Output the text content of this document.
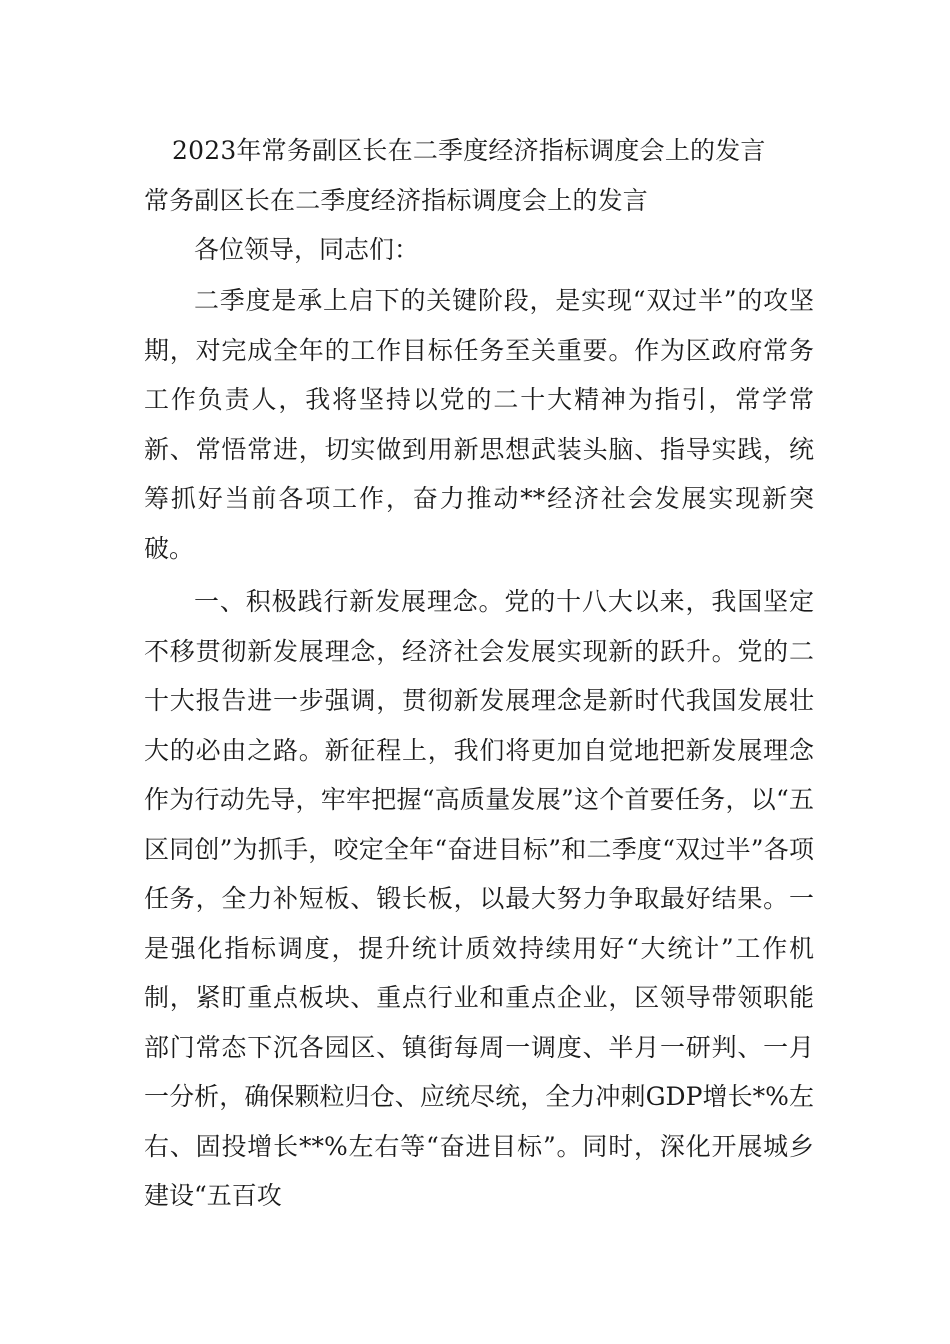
2023年常务副区长在二季度经济指标调度会上的发言
常务副区长在二季度经济指标调度会上的发言

各位领导，同志们：

二季度是承上启下的关键阶段，是实现“双过半”的攻坚期，对完成全年的工作目标任务至关重要。作为区政府常务工作负责人，我将坚持以党的二十大精神为指引，常学常新、常悟常进，切实做到用新思想武装头脑、指导实践，统筹抓好当前各项工作，奋力推动**经济社会发展实现新突破。

一、积极践行新发展理念。党的十八大以来，我国坚定不移贯彻新发展理念，经济社会发展实现新的跃升。党的二十大报告进一步强调，贯彻新发展理念是新时代我国发展壮大的必由之路。新征程上，我们将更加自觉地把新发展理念作为行动先导，牢牢把握“高质量发展”这个首要任务，以“五区同创”为抓手，咬定全年“奋进目标”和二季度“双过半”各项任务，全力补短板、锻长板，以最大努力争取最好结果。一是强化指标调度，提升统计质效持续用好“大统计”工作机制，紧盯重点板块、重点行业和重点企业，区领导带领职能部门常态下沉各园区、镇街每周一调度、半月一研判、一月一分析，确保颗粒归仓、应统尽统，全力冲刺GDP增长*%左右、固投增长**%左右等“奋进目标”。同时，深化开展城乡建设“五百攻
